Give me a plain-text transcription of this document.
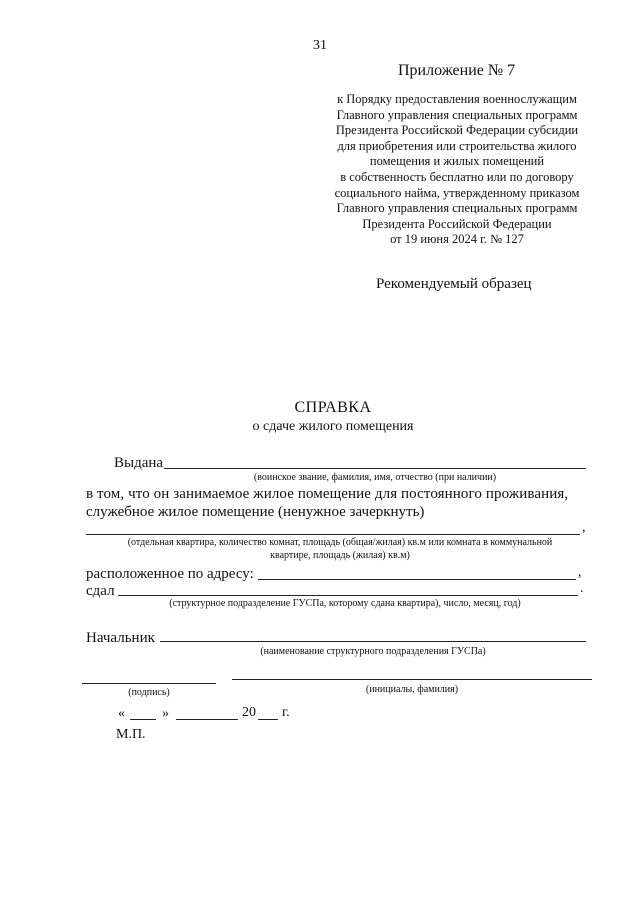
31
Приложение № 7
к Порядку предоставления военнослужащим
Главного управления специальных программ
Президента Российской Федерации субсидии
для приобретения или строительства жилого
помещения и жилых помещений
в собственность бесплатно или по договору
социального найма, утвержденному приказом
Главного управления специальных программ
Президента Российской Федерации
от 19 июня 2024 г. № 127
Рекомендуемый образец
СПРАВКА
о сдаче жилого помещения
Выдана
(воинское звание, фамилия, имя, отчество (при наличии)
в том, что он занимаемое жилое помещение для постоянного проживания,
служебное жилое помещение (ненужное зачеркнуть)
,
(отдельная квартира, количество комнат, площадь (общая/жилая) кв.м или комната в коммунальной
квартире, площадь (жилая) кв.м)
расположенное по адресу:	,
сдал	.
(структурное подразделение ГУСПа, которому сдана квартира), число, месяц, год)
Начальник
(наименование структурного подразделения ГУСПа)
(подпись)	(инициалы, фамилия)
«	»	20 г.
М.П.
